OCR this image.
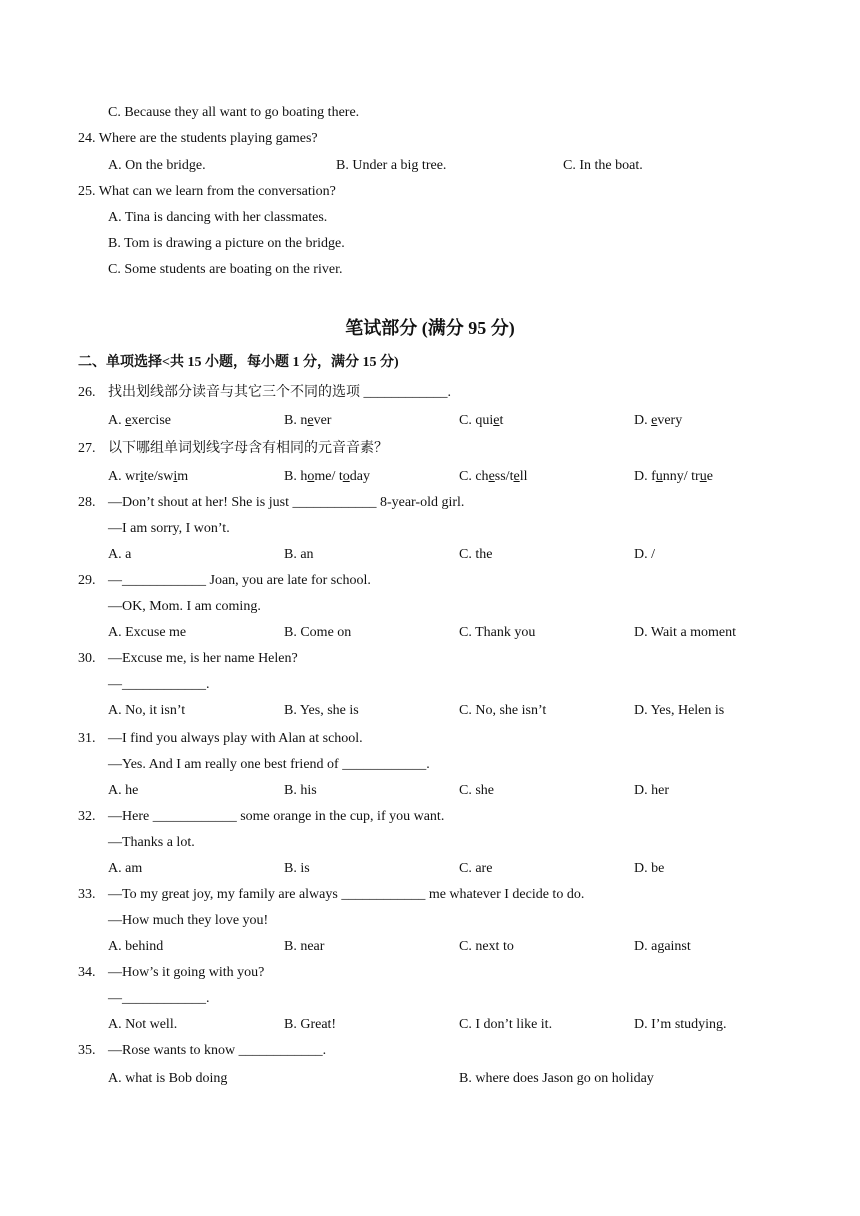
C. Because they all want to go boating there.
24. Where are the students playing games?
A. On the bridge.	B. Under a big tree.	C. In the boat.
25. What can we learn from the conversation?
A. Tina is dancing with her classmates.
B. Tom is drawing a picture on the bridge.
C. Some students are boating on the river.
笔试部分 (满分 95 分)
二、单项选择<共 15 小题，每小题 1 分，满分 15 分)
26. 找出划线部分读音与其它三个不同的选项 ____________.
A. exercise	B. never	C. quiet	D. every
27. 以下哪组单词划线字母含有相同的元音音素？
A. write/swim	B. home/ today	C. chess/tell	D. funny/ true
28. —Don’t shout at her! She is just ____________ 8-year-old girl.
—I am sorry, I won’t.
A. a	B. an	C. the	D. /
29. —____________ Joan, you are late for school.
—OK, Mom. I am coming.
A. Excuse me	B. Come on	C. Thank you	D. Wait a moment
30. —Excuse me, is her name Helen?
—____________.
A. No, it isn’t	B. Yes, she is	C. No, she isn’t	D. Yes, Helen is
31. —I find you always play with Alan at school.
—Yes. And I am really one best friend of ____________.
A. he	B. his	C. she	D. her
32. —Here ____________ some orange in the cup, if you want.
—Thanks a lot.
A. am	B. is	C. are	D. be
33. —To my great joy, my family are always ____________ me whatever I decide to do.
—How much they love you!
A. behind	B. near	C. next to	D. against
34. —How’s it going with you?
—____________.
A. Not well.	B. Great!	C. I don’t like it.	D. I’m studying.
35. —Rose wants to know ____________.
A. what is Bob doing	B. where does Jason go on holiday
